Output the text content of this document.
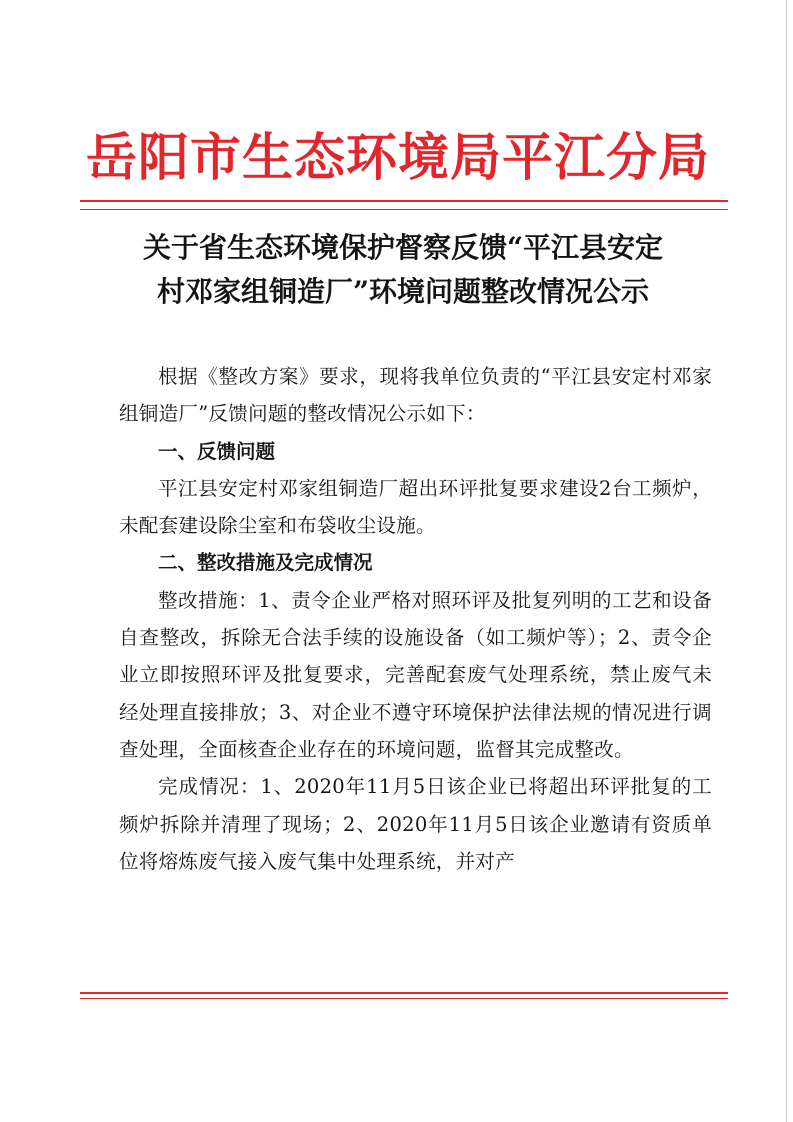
岳阳市生态环境局平江分局
关于省生态环境保护督察反馈“平江县安定
村邓家组铜造厂”环境问题整改情况公示

根据《整改方案》要求，现将我单位负责的“平江县安定村邓家组铜造厂”反馈问题的整改情况公示如下：

一、反馈问题

平江县安定村邓家组铜造厂超出环评批复要求建设2台工频炉，未配套建设除尘室和布袋收尘设施。

二、整改措施及完成情况

整改措施：1、责令企业严格对照环评及批复列明的工艺和设备自查整改，拆除无合法手续的设施设备（如工频炉等）；2、责令企业立即按照环评及批复要求，完善配套废气处理系统，禁止废气未经处理直接排放；3、对企业不遵守环境保护法律法规的情况进行调查处理，全面核查企业存在的环境问题，监督其完成整改。

完成情况：1、2020年11月5日该企业已将超出环评批复的工频炉拆除并清理了现场；2、2020年11月5日该企业邀请有资质单位将熔炼废气接入废气集中处理系统，并对产
